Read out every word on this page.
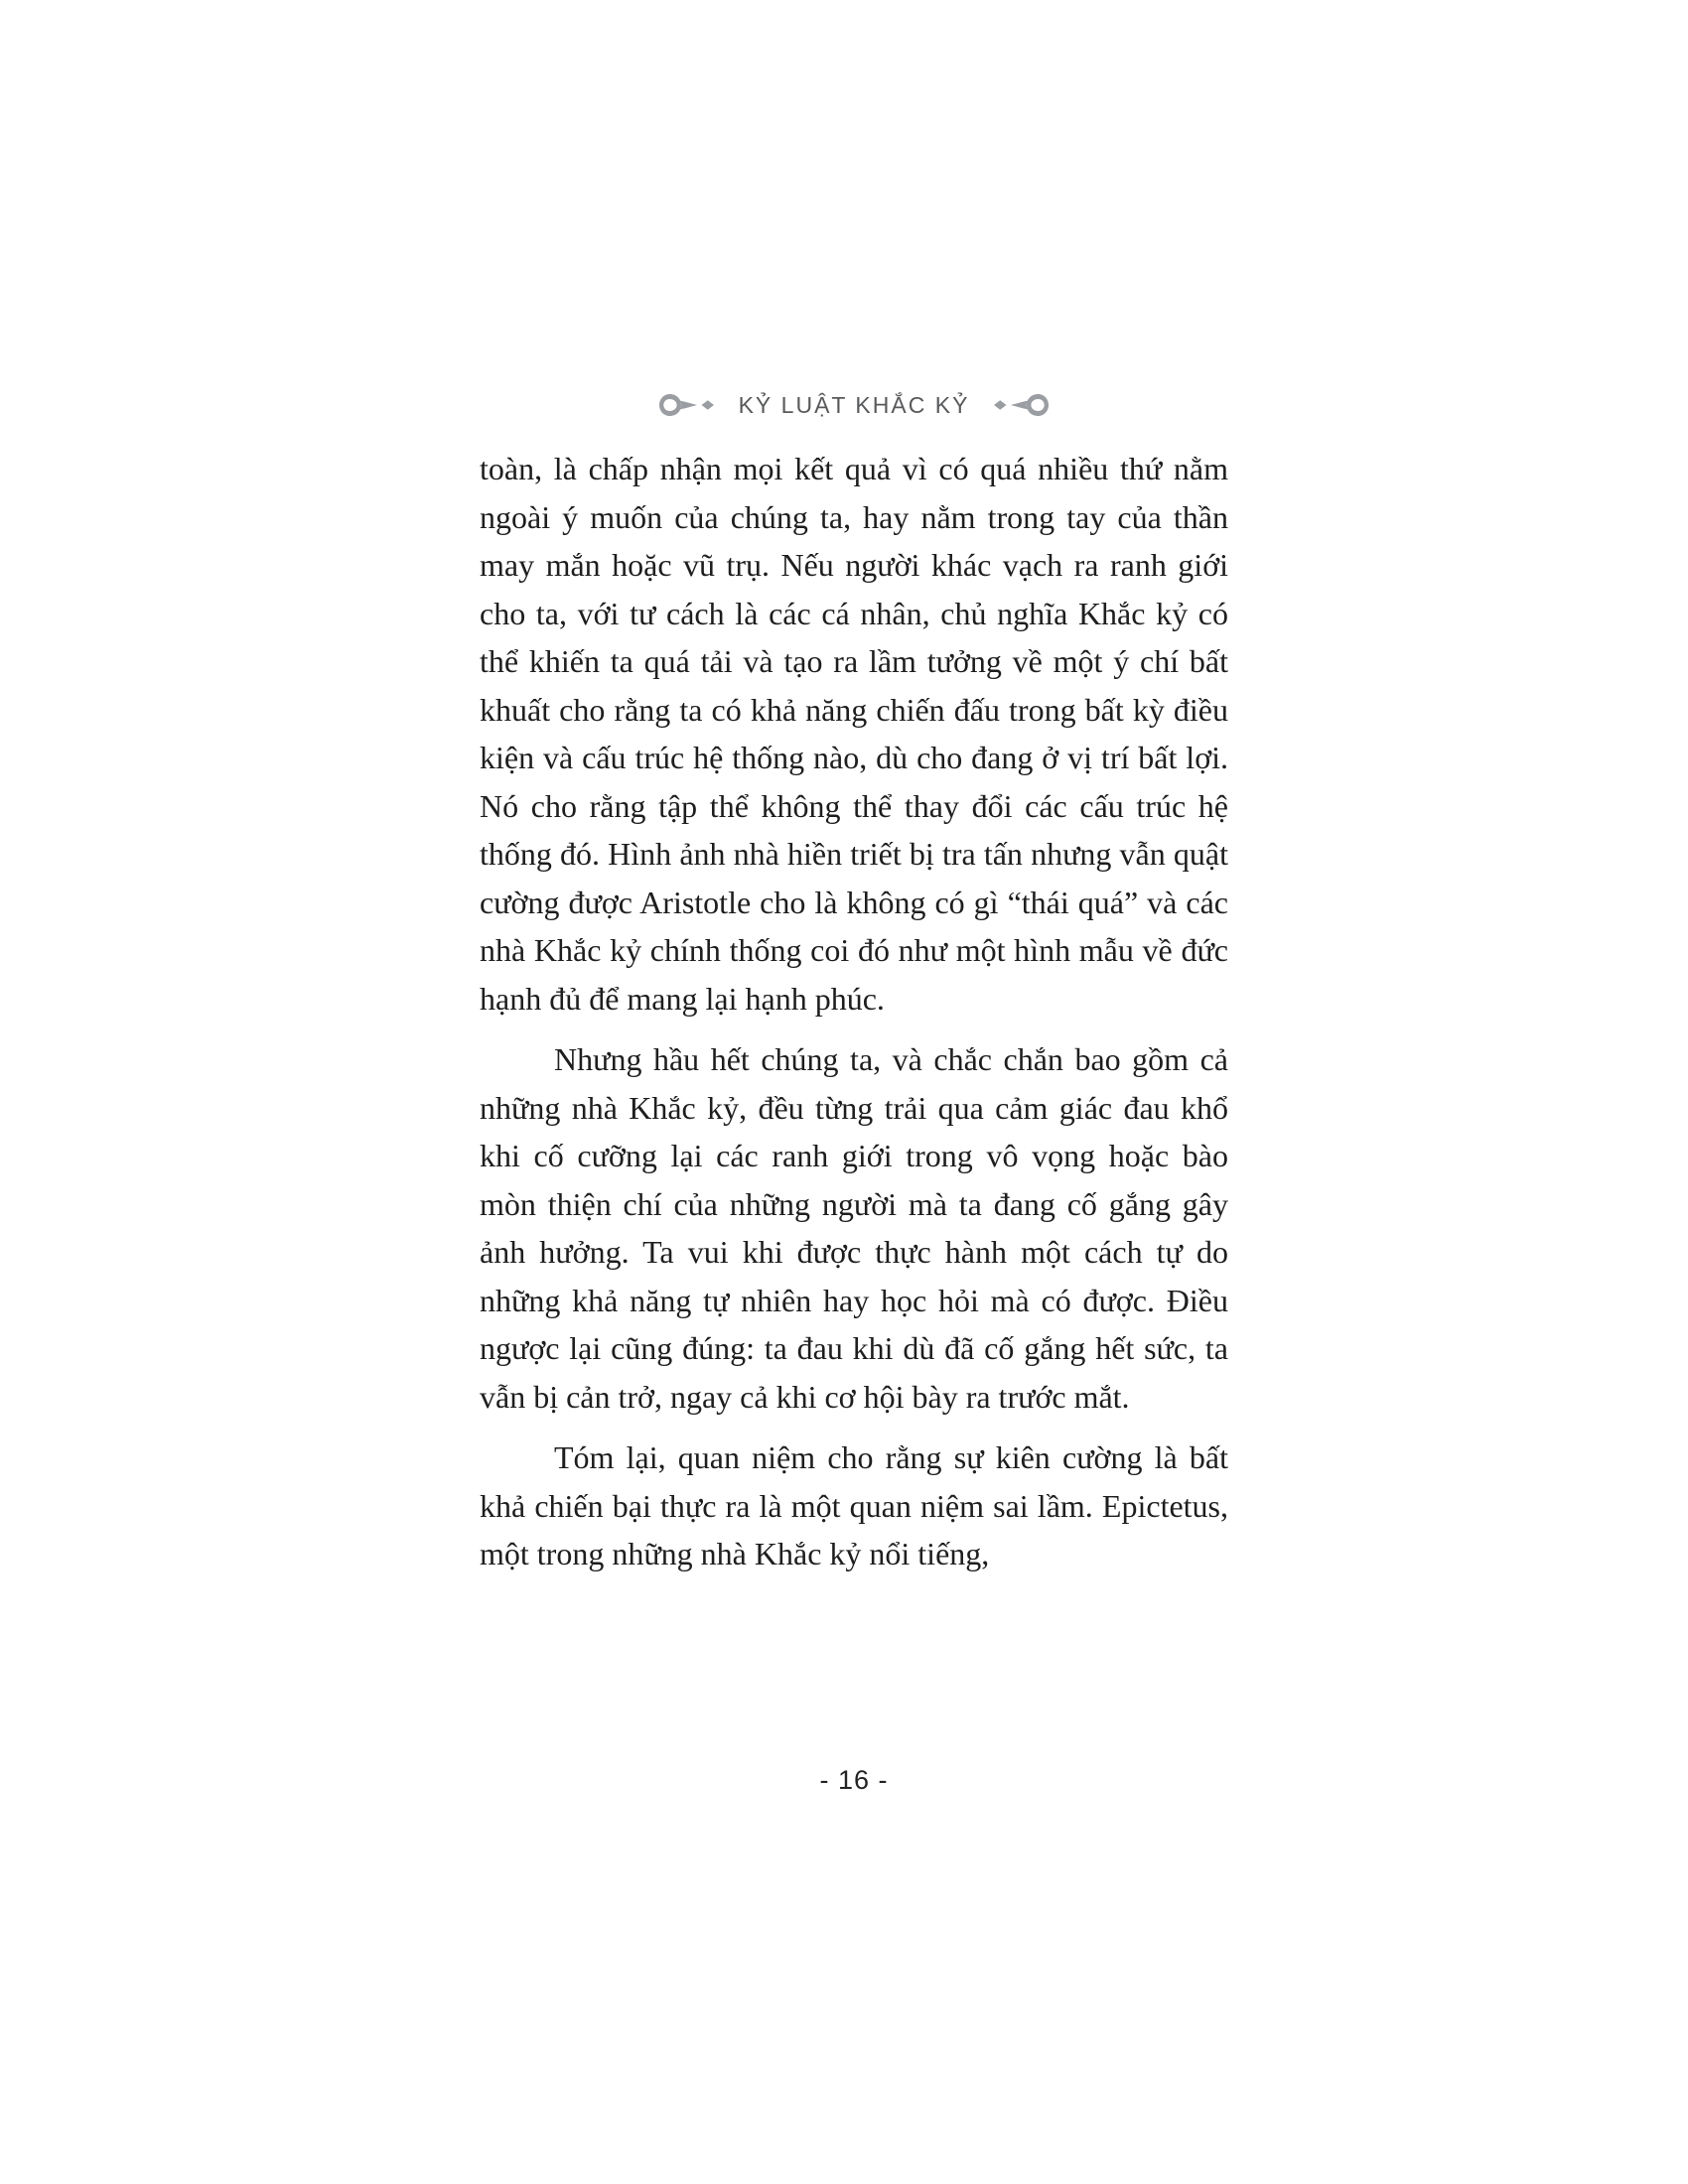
KỶ LUẬT KHẮC KỶ

toàn, là chấp nhận mọi kết quả vì có quá nhiều thứ nằm ngoài ý muốn của chúng ta, hay nằm trong tay của thần may mắn hoặc vũ trụ. Nếu người khác vạch ra ranh giới cho ta, với tư cách là các cá nhân, chủ nghĩa Khắc kỷ có thể khiến ta quá tải và tạo ra lầm tưởng về một ý chí bất khuất cho rằng ta có khả năng chiến đấu trong bất kỳ điều kiện và cấu trúc hệ thống nào, dù cho đang ở vị trí bất lợi. Nó cho rằng tập thể không thể thay đổi các cấu trúc hệ thống đó. Hình ảnh nhà hiền triết bị tra tấn nhưng vẫn quật cường được Aristotle cho là không có gì “thái quá” và các nhà Khắc kỷ chính thống coi đó như một hình mẫu về đức hạnh đủ để mang lại hạnh phúc.

Nhưng hầu hết chúng ta, và chắc chắn bao gồm cả những nhà Khắc kỷ, đều từng trải qua cảm giác đau khổ khi cố cưỡng lại các ranh giới trong vô vọng hoặc bào mòn thiện chí của những người mà ta đang cố gắng gây ảnh hưởng. Ta vui khi được thực hành một cách tự do những khả năng tự nhiên hay học hỏi mà có được. Điều ngược lại cũng đúng: ta đau khi dù đã cố gắng hết sức, ta vẫn bị cản trở, ngay cả khi cơ hội bày ra trước mắt.

Tóm lại, quan niệm cho rằng sự kiên cường là bất khả chiến bại thực ra là một quan niệm sai lầm. Epictetus, một trong những nhà Khắc kỷ nổi tiếng,

- 16 -
